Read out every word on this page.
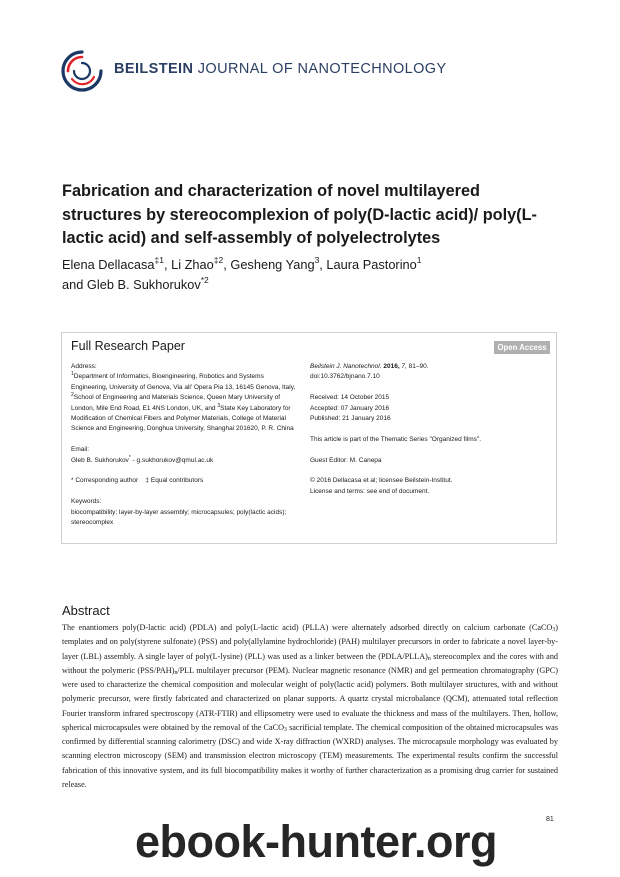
BEILSTEIN JOURNAL OF NANOTECHNOLOGY
Fabrication and characterization of novel multilayered structures by stereocomplexion of poly(D-lactic acid)/ poly(L-lactic acid) and self-assembly of polyelectrolytes
Elena Dellacasa$^{\ddagger 1}$, Li Zhao$^{\ddagger 2}$, Gesheng Yang$^3$, Laura Pastorino$^1$
and Gleb B. Sukhorukov$^{*2}$
Full Research Paper	Open Access
Address:
$^1$Department of Informatics, Bioengineering, Robotics and Systems Engineering, University of Genova, Via all' Opera Pia 13, 16145 Genova, Italy, $^2$School of Engineering and Materials Science, Queen Mary University of London, Mile End Road, E1 4NS London, UK, and $^3$State Key Laboratory for Modification of Chemical Fibers and Polymer Materials, College of Material Science and Engineering, Donghua University, Shanghai 201620, P. R. China
Email:
Gleb B. Sukhorukov* - g.sukhorukov@qmul.ac.uk
* Corresponding author    ‡ Equal contributors
Keywords:
biocompatibility; layer-by-layer assembly; microcapsules; poly(lactic acids); stereocomplex
Beilstein J. Nanotechnol. 2016, 7, 81–90.
doi:10.3762/bjnano.7.10
Received: 14 October 2015
Accepted: 07 January 2016
Published: 21 January 2016
This article is part of the Thematic Series "Organized films".
Guest Editor: M. Canepa
© 2016 Dellacasa et al; licensee Beilstein-Institut.
License and terms: see end of document.
Abstract
The enantiomers poly(D-lactic acid) (PDLA) and poly(L-lactic acid) (PLLA) were alternately adsorbed directly on calcium carbonate (CaCO$_3$) templates and on poly(styrene sulfonate) (PSS) and poly(allylamine hydrochloride) (PAH) multilayer precursors in order to fabricate a novel layer-by-layer (LBL) assembly. A single layer of poly(L-lysine) (PLL) was used as a linker between the $(PDLA/PLLA)_n$ stereocomplex and the cores with and without the polymeric $(PSS/PAH)_n$/PLL multilayer precursor (PEM). Nuclear magnetic resonance (NMR) and gel permeation chromatography (GPC) were used to characterize the chemical composition and molecular weight of poly(lactic acid) polymers. Both multilayer structures, with and without polymeric precursor, were firstly fabricated and characterized on planar supports. A quartz crystal microbalance (QCM), attenuated total reflection Fourier transform infrared spectroscopy (ATR-FTIR) and ellipsometry were used to evaluate the thickness and mass of the multilayers. Then, hollow, spherical microcapsules were obtained by the removal of the CaCO$_3$ sacrificial template. The chemical composition of the obtained microcapsules was confirmed by differential scanning calorimetry (DSC) and wide X-ray diffraction (WXRD) analyses. The microcapsule morphology was evaluated by scanning electron microscopy (SEM) and transmission electron microscopy (TEM) measurements. The experimental results confirm the successful fabrication of this innovative system, and its full biocompatibility makes it worthy of further characterization as a promising drug carrier for sustained release.
81
ebook-hunter.org
